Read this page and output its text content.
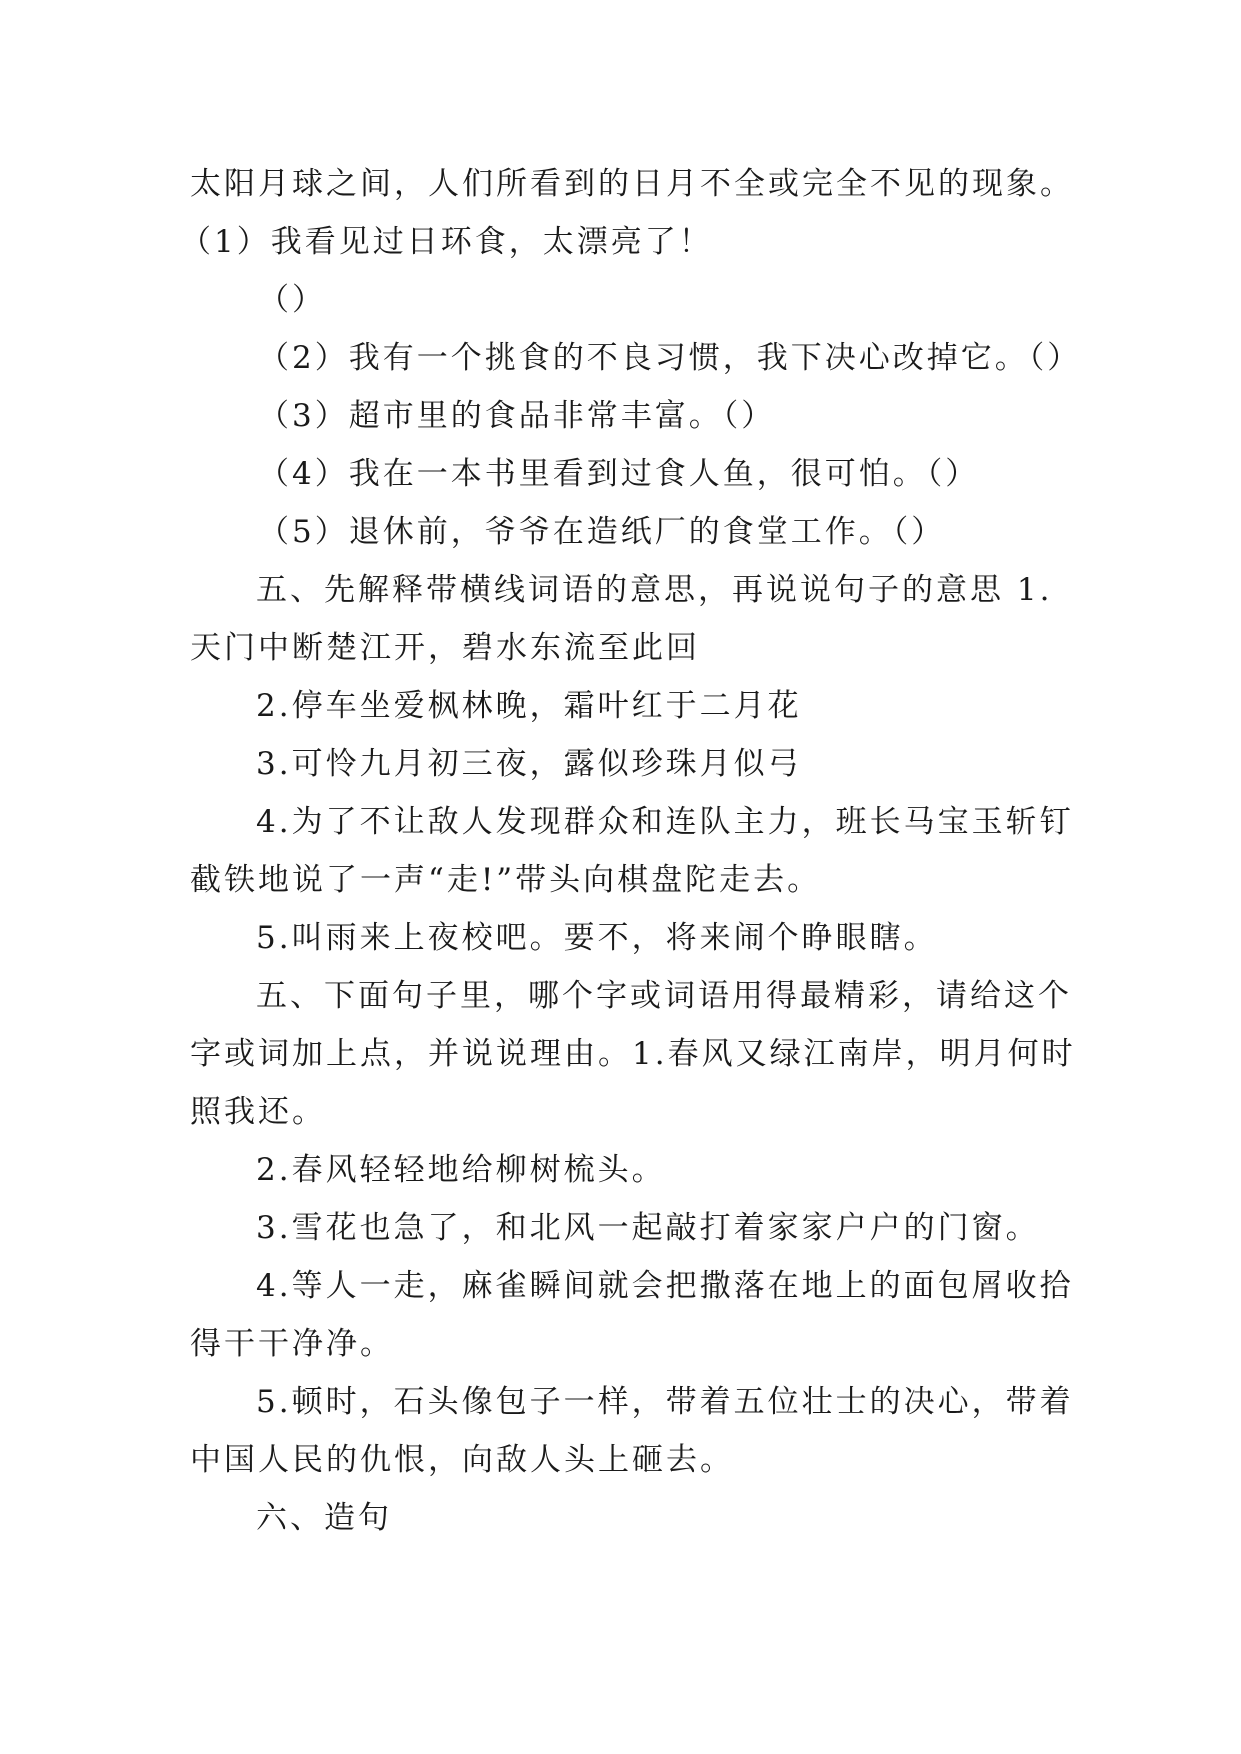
太阳月球之间，人们所看到的日月不全或完全不见的现象。
（1）我看见过日环食，太漂亮了！
（）
（2）我有一个挑食的不良习惯，我下决心改掉它。（）
（3）超市里的食品非常丰富。（）
（4）我在一本书里看到过食人鱼，很可怕。（）
（5）退休前，爷爷在造纸厂的食堂工作。（）
五、先解释带横线词语的意思，再说说句子的意思 1.
天门中断楚江开，碧水东流至此回
2.停车坐爱枫林晚，霜叶红于二月花
3.可怜九月初三夜，露似珍珠月似弓
4.为了不让敌人发现群众和连队主力，班长马宝玉斩钉
截铁地说了一声“走!”带头向棋盘陀走去。
5.叫雨来上夜校吧。要不，将来闹个睁眼瞎。
五、下面句子里，哪个字或词语用得最精彩，请给这个
字或词加上点，并说说理由。1.春风又绿江南岸，明月何时
照我还。
2.春风轻轻地给柳树梳头。
3.雪花也急了，和北风一起敲打着家家户户的门窗。
4.等人一走，麻雀瞬间就会把撒落在地上的面包屑收拾
得干干净净。
5.顿时，石头像包子一样，带着五位壮士的决心，带着
中国人民的仇恨，向敌人头上砸去。
六、造句
